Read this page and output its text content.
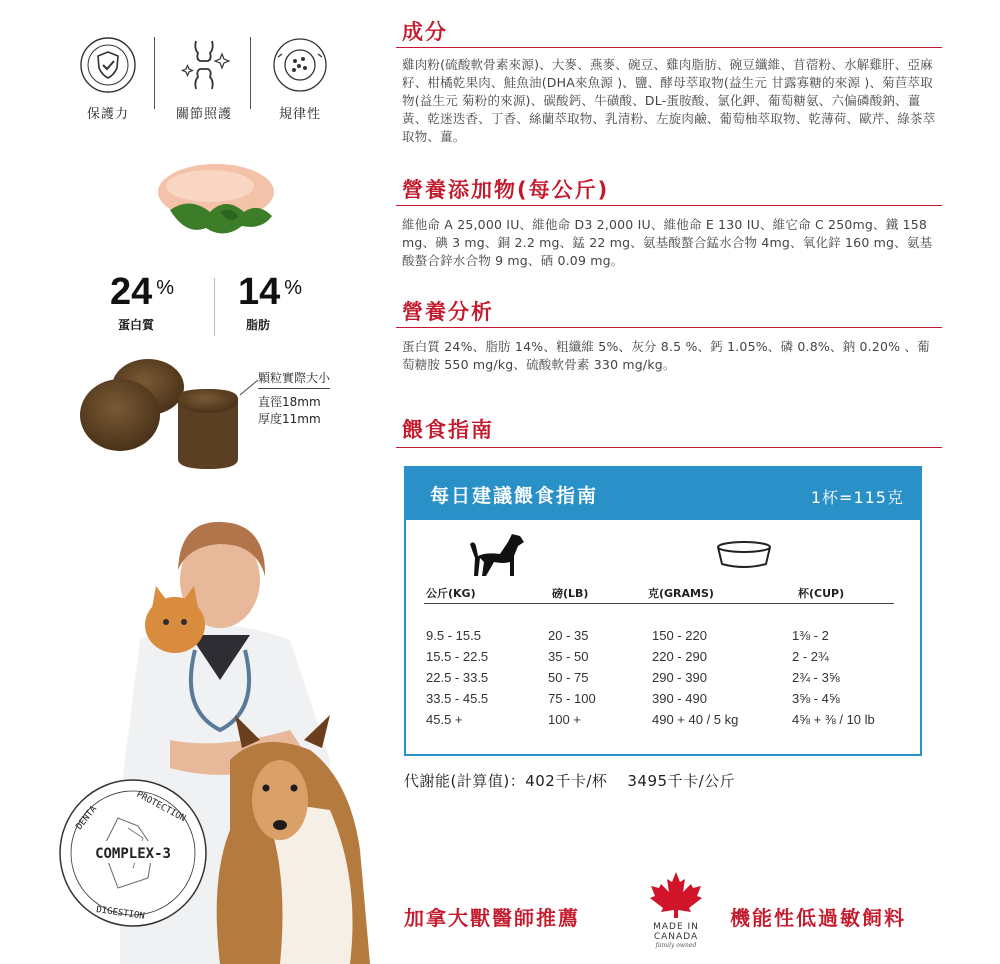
保護力	關節照護	規律性
24 %
蛋白質
14 %
脂肪
顆粒實際大小
直徑18mm
厚度11mm
COMPLEX-3
DENTA	PROTECTION
DIGESTION
成分
雞肉粉(硫酸軟骨素來源)、大麥、燕麥、碗豆、雞肉脂肪、碗豆纖維、苜蓿粉、水解雞肝、亞麻籽、柑橘乾果肉、鮭魚油(DHA來魚源 )、鹽、酵母萃取物(益生元 甘露寡糖的來源 )、菊苣萃取物(益生元 菊粉的來源)、碳酸鈣、牛磺酸、DL-蛋胺酸、氯化鉀、葡萄糖氨、六偏磷酸鈉、薑黃、乾迷迭香、丁香、絲蘭萃取物、乳清粉、左旋肉鹼、葡萄柚萃取物、乾薄荷、歐芹、綠茶萃取物、薑。
營養添加物(每公斤)
維他命 A 25,000 IU、維他命 D3 2,000 IU、維他命 E 130 IU、維它命 C 250mg、鐵 158 mg、碘 3 mg、銅 2.2 mg、錳 22 mg、氨基酸螯合錳水合物 4mg、氧化鋅 160 mg、氨基酸螯合鋅水合物 9 mg、硒 0.09 mg。
營養分析
蛋白質 24%、脂肪 14%、粗纖維 5%、灰分 8.5 %、鈣 1.05%、磷 0.8%、鈉 0.20% 、葡萄糖胺 550 mg/kg、硫酸軟骨素 330 mg/kg。
餵食指南
每日建議餵食指南	1杯=115克
公斤(KG)	磅(LB)	克(GRAMS)	杯(CUP)
9.5 - 15.5	20 - 35	150 - 220	1⅜ - 2
15.5 - 22.5	35 - 50	220 - 290	2 - 2¾
22.5 - 33.5	50 - 75	290 - 390	2¾ - 3⅝
33.5 - 45.5	75 - 100	390 - 490	3⅝ - 4⅝
45.5 +	100 +	490 + 40 / 5 kg	4⅝ + ⅜ / 10 lb
代謝能(計算值)：402千卡/杯 3495千卡/公斤
加拿大獸醫師推薦	MADE IN CANADA
family owned
機能性低過敏飼料
